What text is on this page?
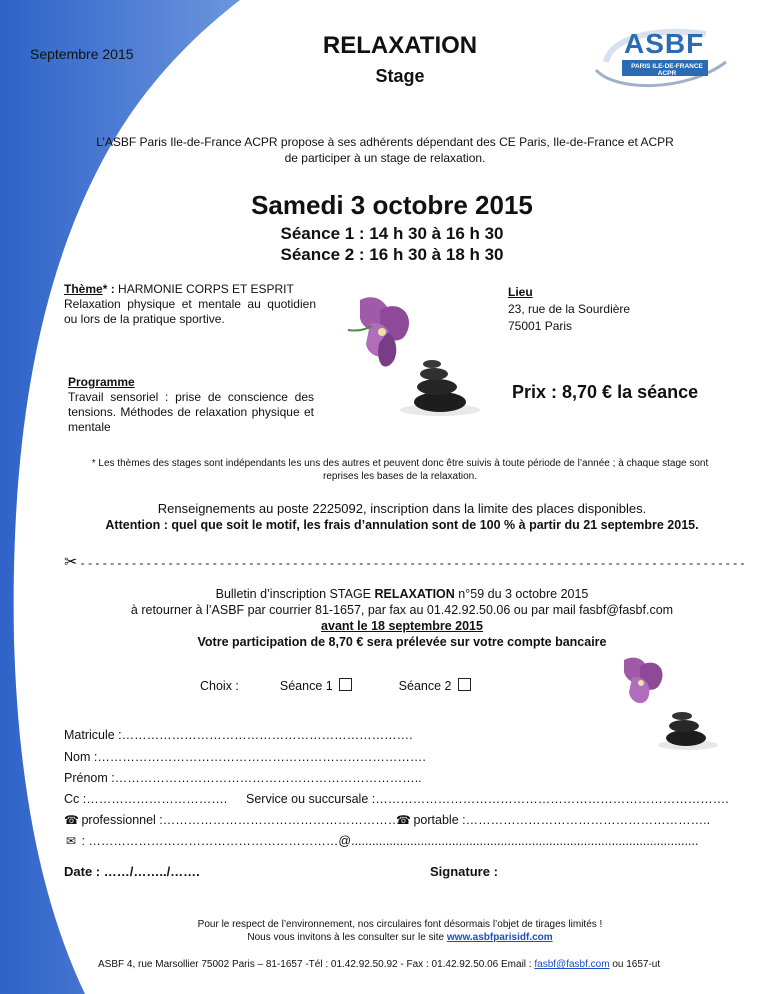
Septembre 2015	RELAXATION
Stage
ASBF
PARIS ILE-DE-FRANCE ACPR
L’ASBF Paris Ile-de-France ACPR propose à ses adhérents dépendant des CE Paris, Ile-de-France et ACPR
de participer à un stage de relaxation.
Samedi 3 octobre 2015
Séance 1 : 14 h 30 à 16 h 30
Séance 2 : 16 h 30 à 18 h 30
Thème* : HARMONIE CORPS ET ESPRIT
Relaxation physique et mentale au quotidien ou lors de la pratique sportive.
Lieu
23, rue de la Sourdière
75001 Paris
Programme
Travail sensoriel : prise de conscience des tensions. Méthodes de relaxation physique et mentale
Prix : 8,70 € la séance
* Les thèmes des stages sont indépendants les uns des autres et peuvent donc être suivis à toute période de l’année ; à chaque stage sont
reprises les bases de la relaxation.
Renseignements au poste 2225092, inscription dans la limite des places disponibles.
Attention : quel que soit le motif, les frais d’annulation sont de 100 % à partir du 21 septembre 2015.
✂ - - - - - - - - - - - - - - - - - - - - - - - - - - - - - - - - - - - - - - - - - - - - - - - - - - - - - - - - - - - - - - - - - - - - - - - - - - - - - - - - - - - - - - - - - - -
Bulletin d’inscription STAGE RELAXATION n°59 du 3 octobre 2015
à retourner à l’ASBF par courrier 81-1657, par fax au 01.42.92.50.06 ou par mail fasbf@fasbf.com
avant le 18 septembre 2015
Votre participation de 8,70 € sera prélevée sur votre compte bancaire
Choix :	Séance 1	Séance 2
Matricule :…………………………………………………………….
Nom :…………………………………………………………………….
Prénom :………………………………………………………………..
Cc :……………………………. Service ou succursale :………………………………………………………………………….
☎ professionnel :…………………………………………………
☎ portable :…………………………………………………..
✉ : ……………………………………………………@....................................................................................................
Date : ……/……../…….	Signature :
Pour le respect de l’environnement, nos circulaires font désormais l’objet de tirages limités !
Nous vous invitons à les consulter sur le site www.asbfparisidf.com
ASBF 4, rue Marsollier 75002 Paris – 81-1657 -Tél : 01.42.92.50.92 - Fax : 01.42.92.50.06 Email : fasbf@fasbf.com ou 1657-ut
